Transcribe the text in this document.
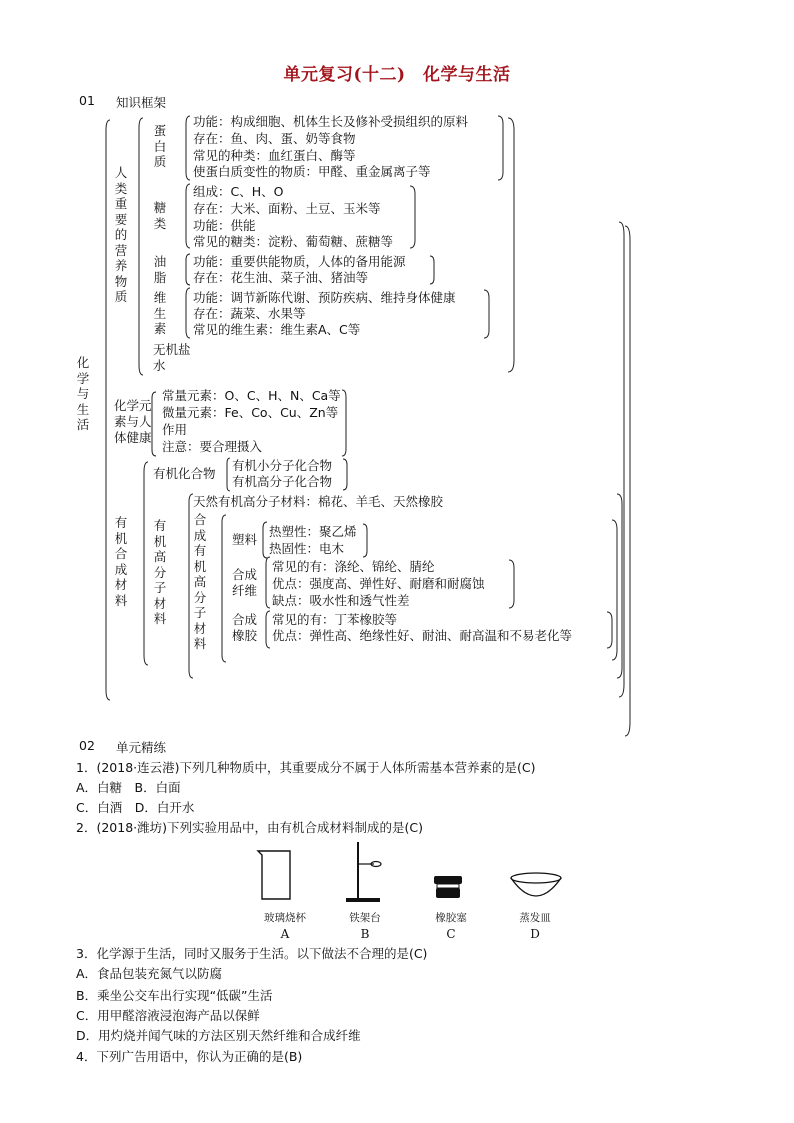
单元复习(十二)　化学与生活
01 知识框架
化学与生活
人类重要的营养物质
蛋白质
功能：构成细胞、机体生长及修补受损组织的原料
存在：鱼、肉、蛋、奶等食物
常见的种类：血红蛋白、酶等
使蛋白质变性的物质：甲醛、重金属离子等
糖类
组成：C、H、O
存在：大米、面粉、土豆、玉米等
功能：供能
常见的糖类：淀粉、葡萄糖、蔗糖等
油脂
功能：重要供能物质，人体的备用能源
存在：花生油、菜子油、猪油等
维生素
功能：调节新陈代谢、预防疾病、维持身体健康
存在：蔬菜、水果等
常见的维生素：维生素A、C等
无机盐
水
化学元素与人体健康
常量元素：O、C、H、N、Ca等
微量元素：Fe、Co、Cu、Zn等
作用
注意：要合理摄入
有机合成材料
有机化合物
有机小分子化合物
有机高分子化合物
有机高分子材料
天然有机高分子材料：棉花、羊毛、天然橡胶
合成有机高分子材料
塑料
热塑性：聚乙烯
热固性：电木
合成纤维
常见的有：涤纶、锦纶、腈纶
优点：强度高、弹性好、耐磨和耐腐蚀
缺点：吸水性和透气性差
合成橡胶
常见的有：丁苯橡胶等
优点：弹性高、绝缘性好、耐油、耐高温和不易老化等
02 单元精练
1．(2018·连云港)下列几种物质中，其重要成分不属于人体所需基本营养素的是(C)
A．白糖　B．白面
C．白酒　D．白开水
2．(2018·潍坊)下列实验用品中，由有机合成材料制成的是(C)
玻璃烧杯	铁架台	橡胶塞	蒸发皿
A	B	C	D
3．化学源于生活，同时又服务于生活。以下做法不合理的是(C)
A．食品包装充氮气以防腐
B．乘坐公交车出行实现“低碳”生活
C．用甲醛溶液浸泡海产品以保鲜
D．用灼烧并闻气味的方法区别天然纤维和合成纤维
4．下列广告用语中，你认为正确的是(B)
